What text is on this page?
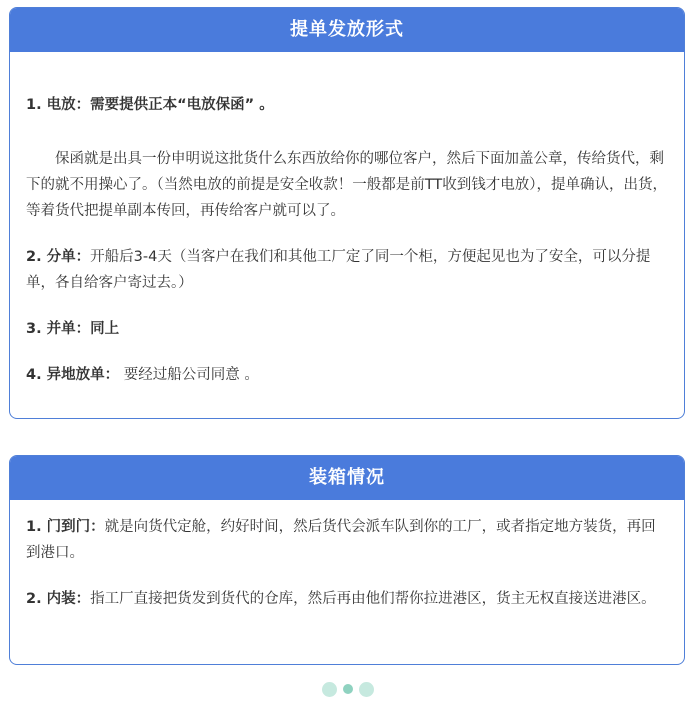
提单发放形式

1. 电放：需要提供正本“电放保函” 。

保函就是出具一份申明说这批货什么东西放给你的哪位客户，然后下面加盖公章，传给货代，剩下的就不用操心了。（当然电放的前提是安全收款！一般都是前TT收到钱才电放），提单确认，出货，等着货代把提单副本传回，再传给客户就可以了。

2. 分单：开船后3-4天（当客户在我们和其他工厂定了同一个柜，方便起见也为了安全，可以分提单，各自给客户寄过去。）

3. 并单：同上

4. 异地放单： 要经过船公司同意 。

装箱情况

1. 门到门：就是向货代定舱，约好时间，然后货代会派车队到你的工厂，或者指定地方装货，再回到港口。

2. 内装：指工厂直接把货发到货代的仓库，然后再由他们帮你拉进港区，货主无权直接送进港区。
